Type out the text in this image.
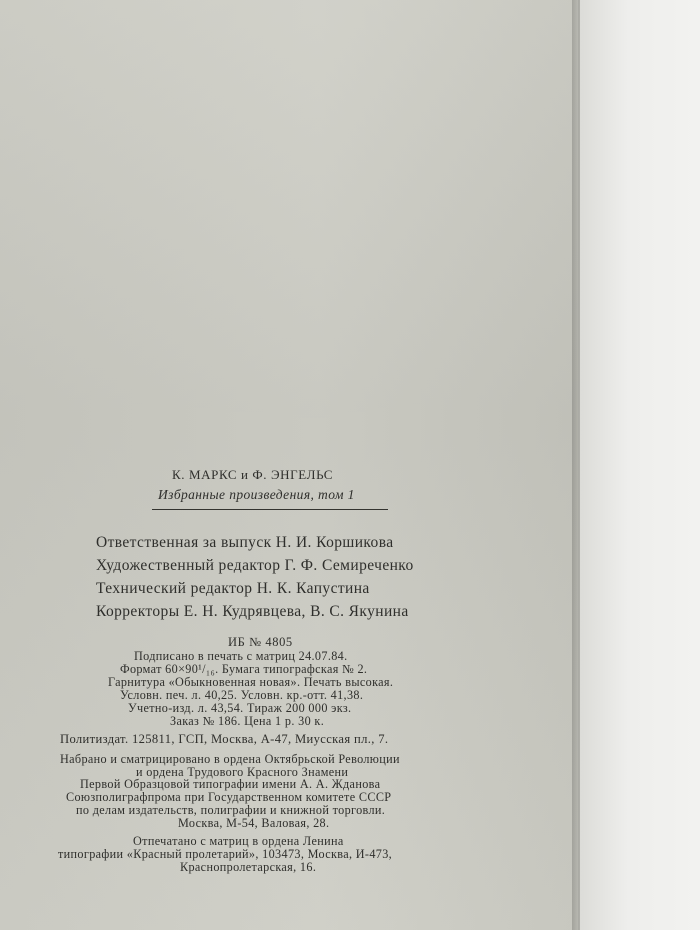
К. МАРКС и Ф. ЭНГЕЛЬС
Избранные произведения, том 1
Ответственная за выпуск Н. И. Коршикова
Художественный редактор Г. Ф. Семиреченко
Технический редактор Н. К. Капустина
Корректоры Е. Н. Кудрявцева, В. С. Якунина
ИБ № 4805
Подписано в печать с матриц 24.07.84.
Формат 60×90¹/₁₆. Бумага типографская № 2.
Гарнитура «Обыкновенная новая». Печать высокая.
Условн. печ. л. 40,25. Условн. кр.-отт. 41,38.
Учетно-изд. л. 43,54. Тираж 200 000 экз.
Заказ № 186. Цена 1 р. 30 к.
Политиздат. 125811, ГСП, Москва, А-47, Миусская пл., 7.
Набрано и сматрицировано в ордена Октябрьской Революции
и ордена Трудового Красного Знамени
Первой Образцовой типографии имени А. А. Жданова
Союзполиграфпрома при Государственном комитете СССР
по делам издательств, полиграфии и книжной торговли.
Москва, М-54, Валовая, 28.
Отпечатано с матриц в ордена Ленина
типографии «Красный пролетарий», 103473, Москва, И-473,
Краснопролетарская, 16.
